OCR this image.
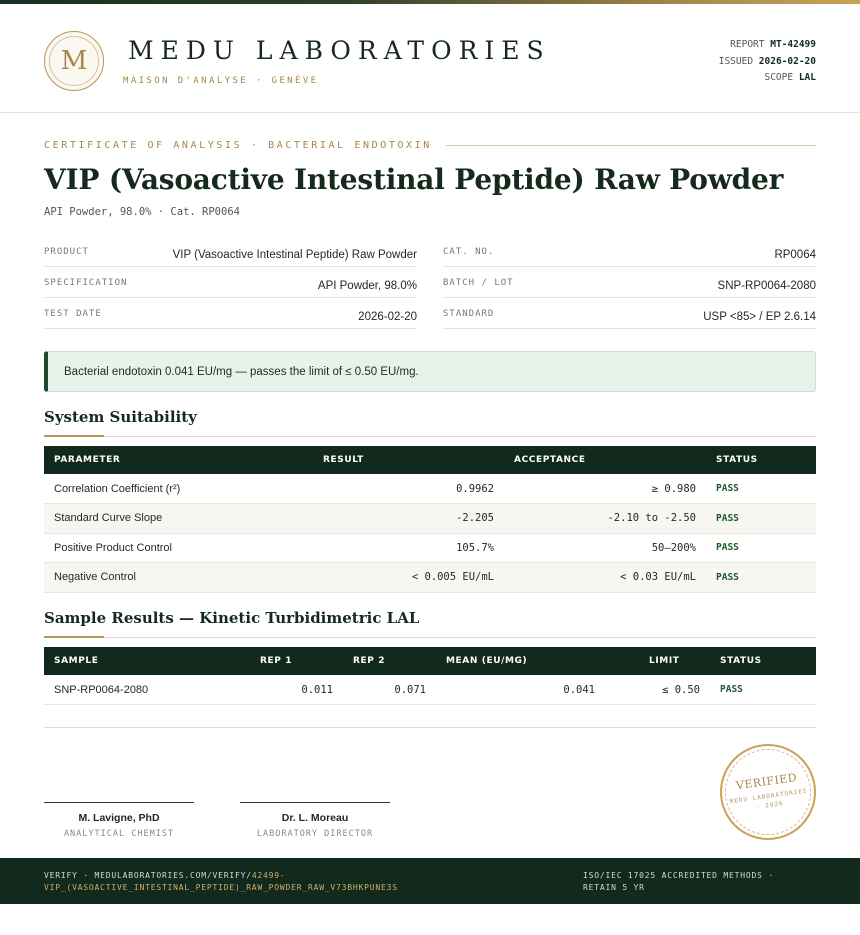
M MEDU LABORATORIES
MAISON D'ANALYSE · GENÈVE
REPORT MT-42499
ISSUED 2026-02-20
SCOPE LAL
CERTIFICATE OF ANALYSIS · BACTERIAL ENDOTOXIN
VIP (Vasoactive Intestinal Peptide) Raw Powder
API Powder, 98.0% · Cat. RP0064
PRODUCT	VIP (Vasoactive Intestinal Peptide) Raw Powder
SPECIFICATION	API Powder, 98.0%
TEST DATE	2026-02-20
CAT. NO.	RP0064
BATCH / LOT	SNP-RP0064-2080
STANDARD	USP <85> / EP 2.6.14
Bacterial endotoxin 0.041 EU/mg — passes the limit of ≤ 0.50 EU/mg.
System Suitability
PARAMETER	RESULT	ACCEPTANCE	STATUS
Correlation Coefficient (r²)	0.9962	≥ 0.980	PASS
Standard Curve Slope	-2.205	-2.10 to -2.50	PASS
Positive Product Control	105.7%	50–200%	PASS
Negative Control	< 0.005 EU/mL	< 0.03 EU/mL	PASS
Sample Results — Kinetic Turbidimetric LAL
SAMPLE	REP 1	REP 2	MEAN (EU/MG)	LIMIT	STATUS
SNP-RP0064-2080	0.011	0.071	0.041	≤ 0.50	PASS
M. Lavigne, PhD
ANALYTICAL CHEMIST
Dr. L. Moreau
LABORATORY DIRECTOR
VERIFIED
MEDU LABORATORIES · 2026
VERIFY · MEDULABORATORIES.COM/VERIFY/42499-VIP_(VASOACTIVE_INTESTINAL_PEPTIDE)_RAW_POWDER_RAW_V73BHKPUNE3S
ISO/IEC 17025 ACCREDITED METHODS · RETAIN 5 YR
